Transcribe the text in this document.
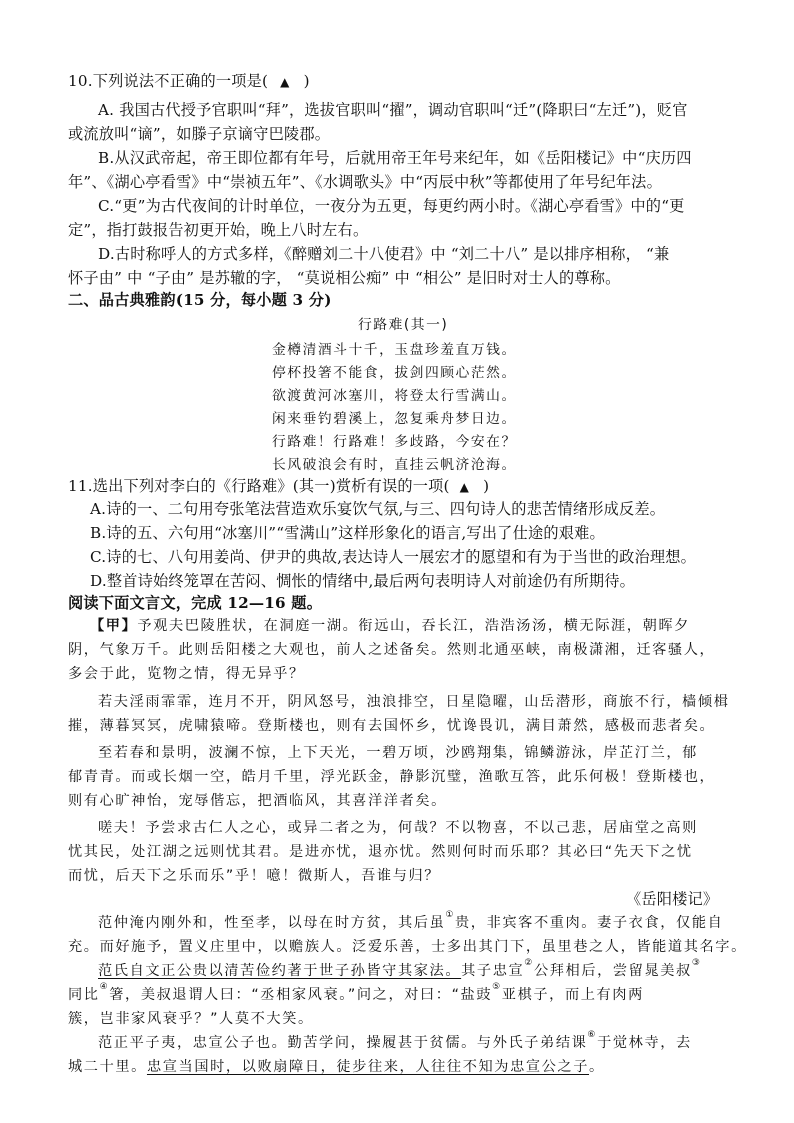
10.下列说法不正确的一项是( ▲ )
A. 我国古代授予官职叫“拜”，选拔官职叫“擢”，调动官职叫“迁”(降职曰“左迁”)，贬官
或流放叫“谪”，如滕子京谪守巴陵郡。
B.从汉武帝起，帝王即位都有年号，后就用帝王年号来纪年，如《岳阳楼记》中“庆历四
年”、《湖心亭看雪》中“崇祯五年”、《水调歌头》中“丙辰中秋”等都使用了年号纪年法。
C.“更”为古代夜间的计时单位，一夜分为五更，每更约两小时。《湖心亭看雪》中的“更
定”，指打鼓报告初更开始，晚上八时左右。
D.古时称呼人的方式多样，《醉赠刘二十八使君》中 “刘二十八” 是以排序相称， “兼
怀子由” 中 “子由” 是苏辙的字， “莫说相公痴” 中 “相公” 是旧时对士人的尊称。
二、品古典雅韵(15 分，每小题 3 分)
行路难(其一)
金樽清酒斗十千，玉盘珍羞直万钱。
停杯投箸不能食，拔剑四顾心茫然。
欲渡黄河冰塞川，将登太行雪满山。
闲来垂钓碧溪上，忽复乘舟梦日边。
行路难！行路难！多歧路，今安在？
长风破浪会有时，直挂云帆济沧海。
11.选出下列对李白的《行路难》(其一)赏析有误的一项( ▲ )
A.诗的一、二句用夸张笔法营造欢乐宴饮气氛,与三、四句诗人的悲苦情绪形成反差。
B.诗的五、六句用“冰塞川”“雪满山”这样形象化的语言,写出了仕途的艰难。
C.诗的七、八句用姜尚、伊尹的典故,表达诗人一展宏才的愿望和有为于当世的政治理想。
D.整首诗始终笼罩在苦闷、惆怅的情绪中,最后两句表明诗人对前途仍有所期待。
阅读下面文言文，完成 12—16 题。
【甲】予观夫巴陵胜状，在洞庭一湖。衔远山，吞长江，浩浩汤汤，横无际涯，朝晖夕
阴，气象万千。此则岳阳楼之大观也，前人之述备矣。然则北通巫峡，南极潇湘，迁客骚人，
多会于此，览物之情，得无异乎？
若夫淫雨霏霏，连月不开，阴风怒号，浊浪排空，日星隐曜，山岳潜形，商旅不行，樯倾楫
摧，薄暮冥冥，虎啸猿啼。登斯楼也，则有去国怀乡，忧谗畏讥，满目萧然，感极而悲者矣。
至若春和景明，波澜不惊，上下天光，一碧万顷，沙鸥翔集，锦鳞游泳，岸芷汀兰，郁
郁青青。而或长烟一空，皓月千里，浮光跃金，静影沉璧，渔歌互答，此乐何极！登斯楼也，
则有心旷神怡，宠辱偕忘，把酒临风，其喜洋洋者矣。
嗟夫！予尝求古仁人之心，或异二者之为，何哉？不以物喜，不以己悲，居庙堂之高则
忧其民，处江湖之远则忧其君。是进亦忧，退亦忧。然则何时而乐耶？其必曰“先天下之忧
而忧，后天下之乐而乐”乎！噫！微斯人，吾谁与归？
《岳阳楼记》
范仲淹内刚外和，性至孝，以母在时方贫，其后虽①贵，非宾客不重肉。妻子衣食，仅能自
充。而好施予，置义庄里中，以赡族人。泛爱乐善，士多出其门下，虽里巷之人，皆能道其名字。
范氏自文正公贵以清苦俭约著于世子孙皆守其家法。其子忠宣②公拜相后，尝留晁美叔③
同比④箸，美叔退谓人曰：“丞相家风衰。”问之，对曰：“盐豉⑤亚棋子，而上有肉两
簇，岂非家风衰乎？”人莫不大笑。
范正平子夷，忠宣公子也。勤苦学问，操履甚于贫儒。与外氏子弟结课⑥于觉林寺，去
城二十里。忠宣当国时，以败扇障日，徒步往来，人往往不知为忠宣公之子。
